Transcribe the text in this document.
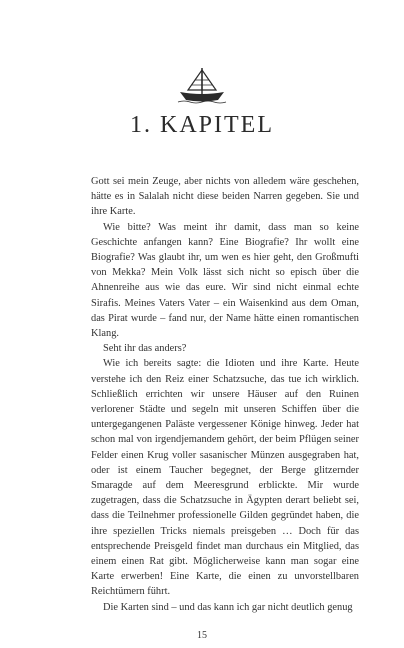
1. KAPITEL

Gott sei mein Zeuge, aber nichts von alledem wäre geschehen, hätte es in Salalah nicht diese beiden Narren gegeben. Sie und ihre Karte.

Wie bitte? Was meint ihr damit, dass man so keine Geschichte anfangen kann? Eine Biografie? Ihr wollt eine Biografie? Was glaubt ihr, um wen es hier geht, den Großmufti von Mekka? Mein Volk lässt sich nicht so episch über die Ahnenreihe aus wie das eure. Wir sind nicht einmal echte Sirafis. Meines Vaters Vater – ein Waisenkind aus dem Oman, das Pirat wurde – fand nur, der Name hätte einen romantischen Klang.

Seht ihr das anders?

Wie ich bereits sagte: die Idioten und ihre Karte. Heute verstehe ich den Reiz einer Schatzsuche, das tue ich wirklich. Schließlich errichten wir unsere Häuser auf den Ruinen verlorener Städte und segeln mit unseren Schiffen über die untergegangenen Paläste vergessener Könige hinweg. Jeder hat schon mal von irgendjemandem gehört, der beim Pflügen seiner Felder einen Krug voller sasanischer Münzen ausgegraben hat, oder ist einem Taucher begegnet, der Berge glitzernder Smaragde auf dem Meeresgrund erblickte. Mir wurde zugetragen, dass die Schatzsuche in Ägypten derart beliebt sei, dass die Teilnehmer professionelle Gilden gegründet haben, die ihre speziellen Tricks niemals preisgeben … Doch für das entsprechende Preisgeld findet man durchaus ein Mitglied, das einem einen Rat gibt. Möglicherweise kann man sogar eine Karte erwerben! Eine Karte, die einen zu unvorstellbaren Reichtümern führt.

Die Karten sind – und das kann ich gar nicht deutlich genug

15
